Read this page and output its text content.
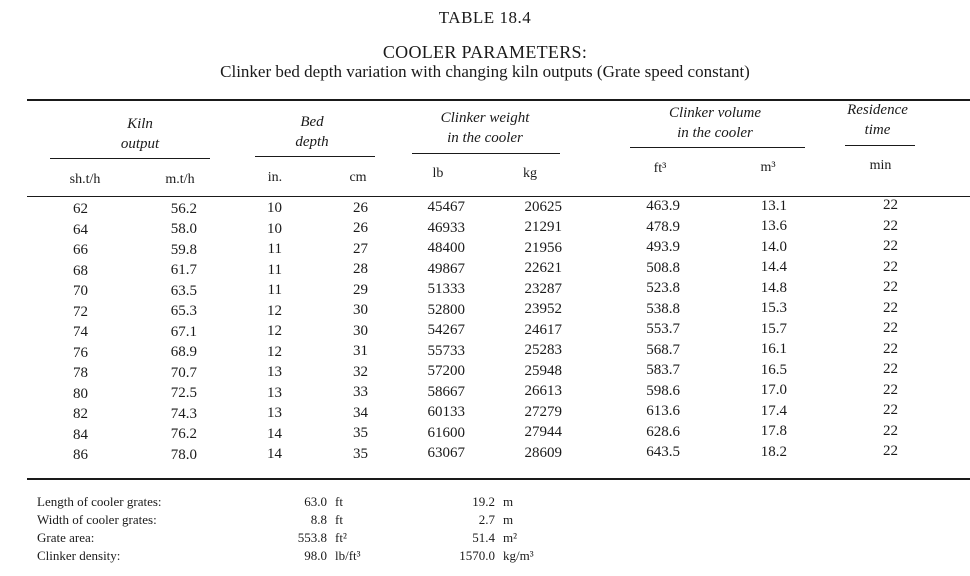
TABLE 18.4
COOLER PARAMETERS:
Clinker bed depth variation with changing kiln outputs (Grate speed constant)
Kiln
output
Bed
depth
Clinker weight
in the cooler
Clinker volume
in the cooler
Residence
time
sh.t/h	m.t/h	in.	cm	lb	kg	ft³	m³	min
62	56.2	10	26	45467	20625	463.9	13.1	22
64	58.0	10	26	46933	21291	478.9	13.6	22
66	59.8	11	27	48400	21956	493.9	14.0	22
68	61.7	11	28	49867	22621	508.8	14.4	22
70	63.5	11	29	51333	23287	523.8	14.8	22
72	65.3	12	30	52800	23952	538.8	15.3	22
74	67.1	12	30	54267	24617	553.7	15.7	22
76	68.9	12	31	55733	25283	568.7	16.1	22
78	70.7	13	32	57200	25948	583.7	16.5	22
80	72.5	13	33	58667	26613	598.6	17.0	22
82	74.3	13	34	60133	27279	613.6	17.4	22
84	76.2	14	35	61600	27944	628.6	17.8	22
86	78.0	14	35	63067	28609	643.5	18.2	22
Length of cooler grates:	63.0 ft	19.2 m
Width of cooler grates:	8.8 ft	2.7 m
Grate area:	553.8 ft²	51.4 m²
Clinker density:	98.0 lb/ft³	1570.0 kg/m³
